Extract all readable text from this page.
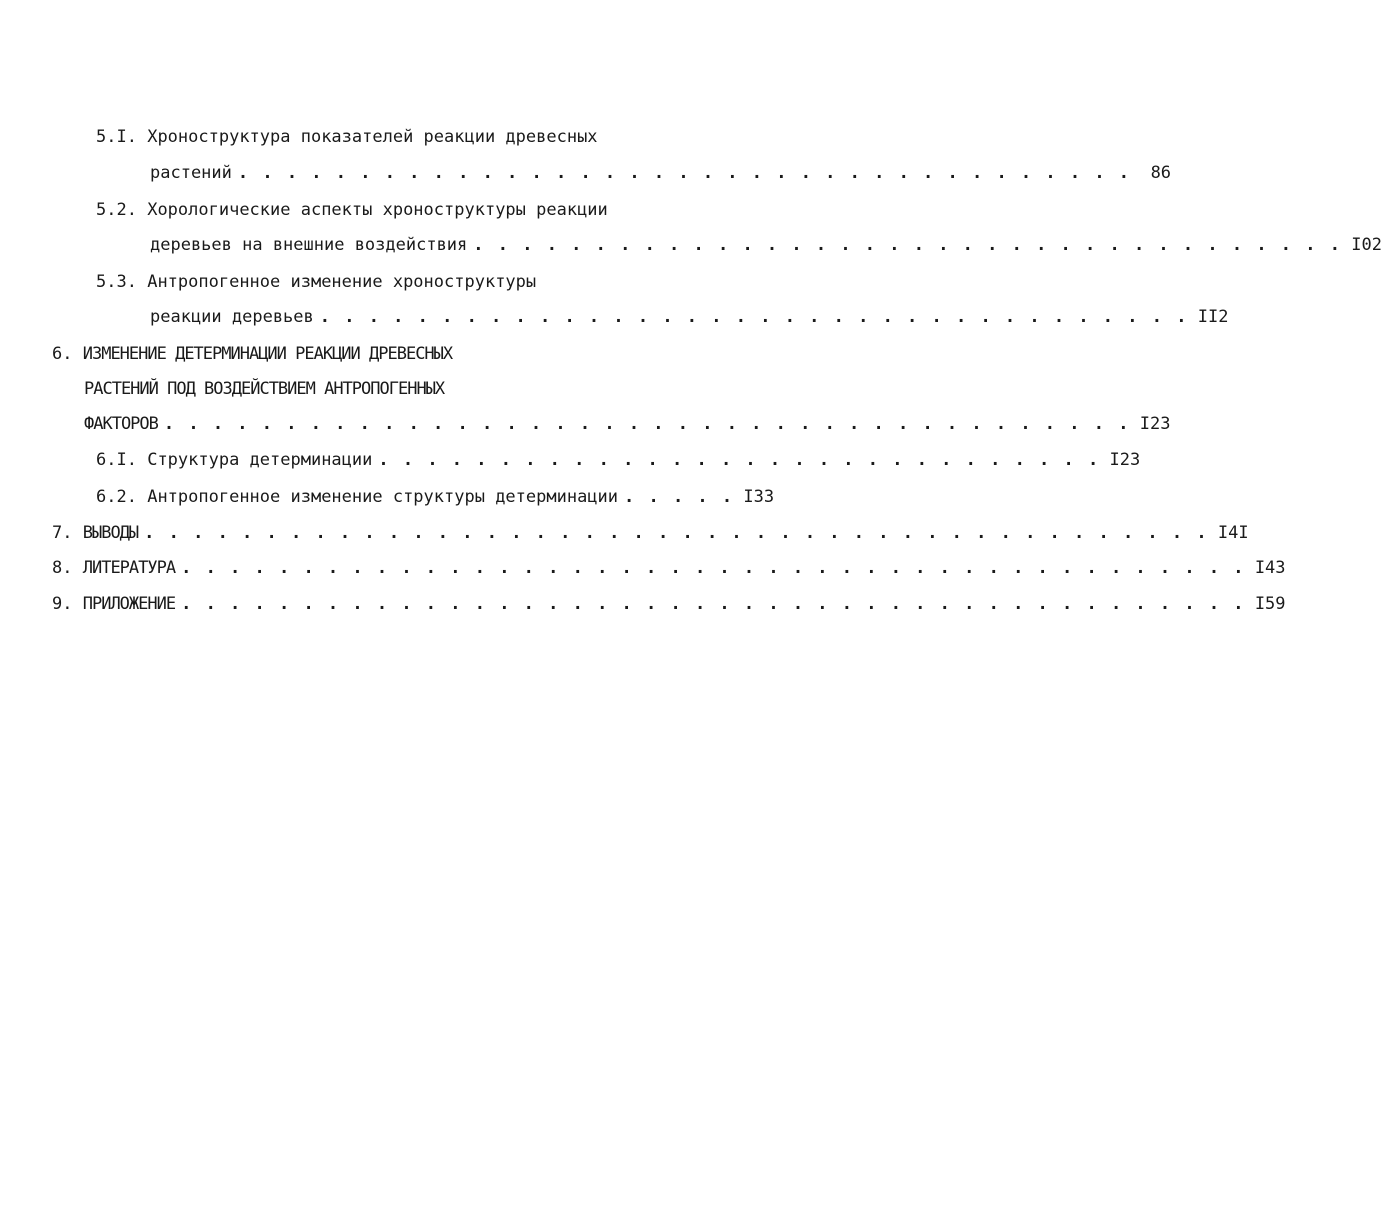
5.I.
Хроноструктура показателей реакции древесных
растений . . . . . . . . . . . . . . . . . . . . . . . . . . . . . . . . . . . . .	86
5.2.
Хорологические аспекты хроноструктуры реакции
деревьев на внешние воздействия . . . . . . . . . . . . . . . . . . . . . . . . . . . . . . . . . . . . I02
5.3.
Антропогенное изменение хроноструктуры
реакции деревьев . . . . . . . . . . . . . . . . . . . . . . . . . . . . . . . . . . . . II2
6.
ИЗМЕНЕНИЕ ДЕТЕРМИНАЦИИ РЕАКЦИИ ДРЕВЕСНЫХ
РАСТЕНИЙ ПОД ВОЗДЕЙСТВИЕМ АНТРОПОГЕННЫХ
ФАКТОРОВ . . . . . . . . . . . . . . . . . . . . . . . . . . . . . . . . . . . . . . . . I23
6.I.
Структура детерминации . . . . . . . . . . . . . . . . . . . . . . . . . . . . . . I23
6.2.
Антропогенное изменение структуры детерминации . . . . . I33
7.
ВЫВОДЫ . . . . . . . . . . . . . . . . . . . . . . . . . . . . . . . . . . . . . . . . . . . . I4I
8.
ЛИТЕРАТУРА . . . . . . . . . . . . . . . . . . . . . . . . . . . . . . . . . . . . . . . . . . . . I43
9.
ПРИЛОЖЕНИЕ . . . . . . . . . . . . . . . . . . . . . . . . . . . . . . . . . . . . . . . . . . . . I59
